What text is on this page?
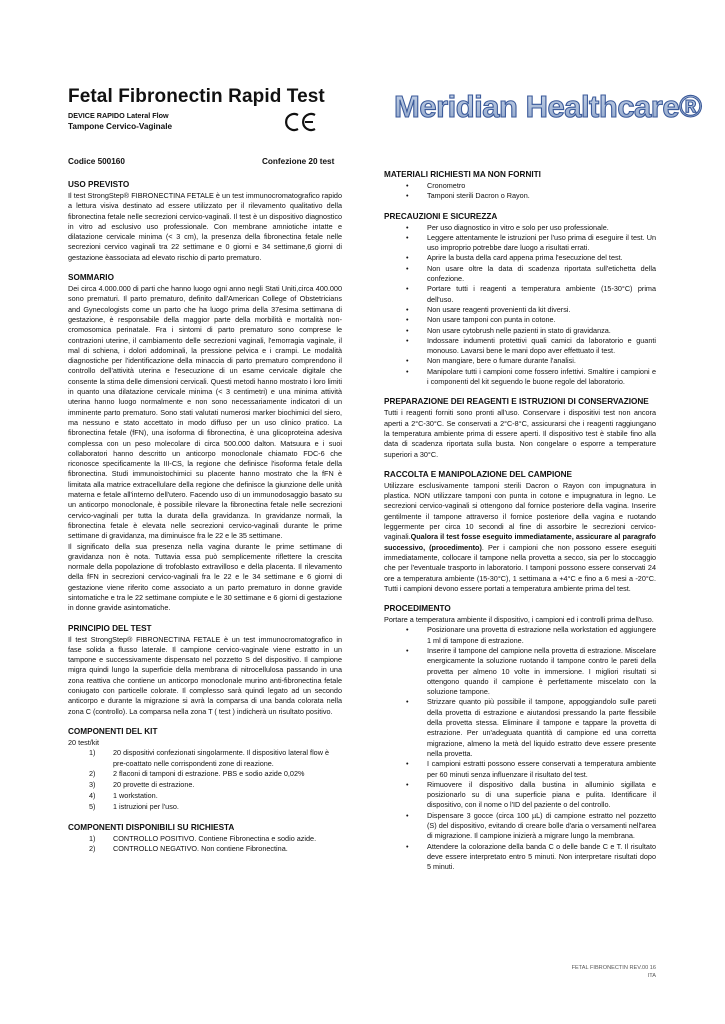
Fetal Fibronectin Rapid Test
DEVICE RAPIDO Lateral Flow
Tampone Cervico-Vaginale
Meridian Healthcare®
Codice 500160	Confezione 20 test
USO PREVISTO

Il test StrongStep® FIBRONECTINA FETALE è un test immunocromatografico rapido a lettura visiva destinato ad essere utilizzato per il rilevamento qualitativo della fibronectina fetale nelle secrezioni cervico-vaginali. Il test è un dispositivo diagnostico in vitro ad esclusivo uso professionale. Con membrane amniotiche intatte e dilatazione cervicale minima (< 3 cm), la presenza della fibronectina fetale nelle secrezioni cervico vaginali tra 22 settimane e 0 giorni e 34 settimane,6 giorni di gestazione èassociata ad elevato rischio di parto prematuro.

SOMMARIO

Dei circa 4.000.000 di parti che hanno luogo ogni anno negli Stati Uniti,circa 400.000 sono prematuri. Il parto prematuro, definito dall'American College of Obstetricians and Gynecologists come un parto che ha luogo prima della 37esima settimana di gestazione, è responsabile della maggior parte della morbilità e mortalità non-cromosomica perinatale. Fra i sintomi di parto prematuro sono comprese le contrazioni uterine, il cambiamento delle secrezioni vaginali, l'emorragia vaginale, il mal di schiena, i dolori addominali, la pressione pelvica e i crampi. Le modalità diagnostiche per l'identificazione della minaccia di parto prematuro comprendono il controllo dell'attività uterina e l'esecuzione di un esame cervicale digitale che consente la stima delle dimensioni cervicali. Questi metodi hanno mostrato i loro limiti in quanto una dilatazione cervicale minima (< 3 centimetri) e una minima attività uterina hanno luogo normalmente e non sono necessariamente indicatori di un imminente parto prematuro. Sono stati valutati numerosi marker biochimici del siero, ma nessuno e stato accettato in modo diffuso per un uso clinico pratico. La fibronectina fetale (fFN), una isoforma di fibronectina, è una glicoproteina adesiva complessa con un peso molecolare di circa 500.000 dalton. Matsuura e i suoi collaboratori hanno descritto un anticorpo monoclonale chiamato FDC-6 che riconosce specificamente la III-CS, la regione che definisce l'isoforma fetale della fibronectina. Studi immunoistochimici su placente hanno mostrato che la fFN è limitata alla matrice extracellulare della regione che definisce la giunzione delle unità materna e fetale all'interno dell'utero. Facendo uso di un immunodosaggio basato su un anticorpo monoclonale, è possibile rilevare la fibronectina fetale nelle secrezioni cervico-vaginali per tutta la durata della gravidanza. In gravidanze normali, la fibronectina fetale è elevata nelle secrezioni cervico-vaginali durante le prime settimane di gravidanza, ma diminuisce fra le 22 e le 35 settimane.

Il significato della sua presenza nella vagina durante le prime settimane di gravidanza non è nota. Tuttavia essa può semplicemente riflettere la crescita normale della popolazione di trofoblasto extravilloso e della placenta. Il rilevamento della fFN in secrezioni cervico-vaginali fra le 22 e le 34 settimane e 6 giorni di gestazione viene riferito come associato a un parto prematuro in donne gravide sintomatiche e tra le 22 settimane compiute e le 30 settimane e 6 giorni di gestazione in donne gravide asintomatiche.

PRINCIPIO DEL TEST

Il test StrongStep® FIBRONECTINA FETALE è un test immunocromatografico in fase solida a flusso laterale. Il campione cervico-vaginale viene estratto in un tampone e successivamente dispensato nel pozzetto S del dispositivo. Il campione migra quindi lungo la superficie della membrana di nitrocellulosa passando in una zona reattiva che contiene un anticorpo monoclonale murino anti-fibronectina fetale coniugato con particelle colorate. Il complesso sarà quindi legato ad un secondo anticorpo e durante la migrazione si avrà la comparsa di una banda colorata nella zona C (controllo). La comparsa nella zona T ( test ) indicherà un risultato positivo.

COMPONENTI DEL KIT

20 test/kit

1) 20 dispositivi confezionati singolarmente. Il dispositivo lateral flow è pre-coattato nelle corrispondenti zone di reazione.
2) 2 flaconi di tamponi di estrazione. PBS e sodio azide 0,02%
3) 20 provette di estrazione.
4) 1 workstation.
5) 1 istruzioni per l'uso.
COMPONENTI DISPONIBILI SU RICHIESTA
1) CONTROLLO POSITIVO. Contiene Fibronectina e sodio azide.
2) CONTROLLO NEGATIVO. Non contiene Fibronectina.
MATERIALI RICHIESTI MA NON FORNITI
•	Cronometro
•	Tamponi sterili Dacron o Rayon.
PRECAUZIONI E SICUREZZA
•	Per uso diagnostico in vitro e solo per uso professionale.
•	Leggere attentamente le istruzioni per l'uso prima di eseguire il test. Un uso improprio potrebbe dare luogo a risultati errati.
•	Aprire la busta della card appena prima l'esecuzione del test.
•	Non usare oltre la data di scadenza riportata sull'etichetta della confezione.
•	Portare tutti i reagenti a temperatura ambiente (15-30°C) prima dell'uso.
•	Non usare reagenti provenienti da kit diversi.
•	Non usare tamponi con punta in cotone.
•	Non usare cytobrush nelle pazienti in stato di gravidanza.
•	Indossare indumenti protettivi quali camici da laboratorio e guanti monouso. Lavarsi bene le mani dopo aver effettuato il test.
•	Non mangiare, bere o fumare durante l'analisi.
•	Manipolare tutti i campioni come fossero infettivi. Smaltire i campioni e i componenti del kit seguendo le buone regole del laboratorio.
PREPARAZIONE DEI REAGENTI E ISTRUZIONI DI CONSERVAZIONE

Tutti i reagenti forniti sono pronti all'uso. Conservare i dispositivi test non ancora aperti a 2°C-30°C. Se conservati a 2°C-8°C, assicurarsi che i reagenti raggiungano la temperatura ambiente prima di essere aperti. Il dispositivo test è stabile fino alla data di scadenza riportata sulla busta. Non congelare o esporre a temperature superiori a 30°C.

RACCOLTA E MANIPOLAZIONE DEL CAMPIONE

Utilizzare esclusivamente tamponi sterili Dacron o Rayon con impugnatura in plastica. NON utilizzare tamponi con punta in cotone e impugnatura in legno. Le secrezioni cervico-vaginali si ottengono dal fornice posteriore della vagina. Inserire gentilmente il tampone attraverso il fornice posteriore della vagina e ruotando leggermente per circa 10 secondi al fine di assorbire le secrezioni cervico-vaginali.Qualora il test fosse eseguito immediatamente, assicurare al paragrafo successivo, (procedimento). Per i campioni che non possono essere eseguiti immediatamente, collocare il tampone nella provetta a secco, sia per lo stoccaggio che per l'eventuale trasporto in laboratorio. I tamponi possono essere conservati 24 ore a temperatura ambiente (15-30°C), 1 settimana a +4°C e fino a 6 mesi a -20°C. Tutti i campioni devono essere portati a temperatura ambiente prima del test.

PROCEDIMENTO

Portare a temperatura ambiente il dispositivo, i campioni ed i controlli prima dell'uso.

•	Posizionare una provetta di estrazione nella workstation ed aggiungere 1 ml di tampone di estrazione.
•	Inserire il tampone del campione nella provetta di estrazione. Miscelare energicamente la soluzione ruotando il tampone contro le pareti della provetta per almeno 10 volte in immersione. I migliori risultati si ottengono quando il campione è perfettamente miscelato con la soluzione tampone.
•	Strizzare quanto più possibile il tampone, appoggiandolo sulle pareti della provetta di estrazione e aiutandosi pressando la parte flessibile della provetta stessa. Eliminare il tampone e tappare la provetta di estrazione. Per un'adeguata quantità di campione ed una corretta migrazione, almeno la metà del liquido estratto deve essere presente nella provetta.
•	I campioni estratti possono essere conservati a temperatura ambiente per 60 minuti senza influenzare il risultato del test.
•	Rimuovere il dispositivo dalla bustina in alluminio sigillata e posizionarlo su di una superficie piana e pulita. Identificare il dispositivo, con il nome o l'ID del paziente o del controllo.
•	Dispensare 3 gocce (circa 100 µL) di campione estratto nel pozzetto (S) del dispositivo, evitando di creare bolle d'aria o versamenti nell'area di migrazione. Il campione inizierà a migrare lungo la membrana.
•	Attendere la colorazione della banda C o delle bande C e T. Il risultato deve essere interpretato entro 5 minuti. Non interpretare risultati dopo 5 minuti.
FETAL FIBRONECTIN REV.00 16
ITA
